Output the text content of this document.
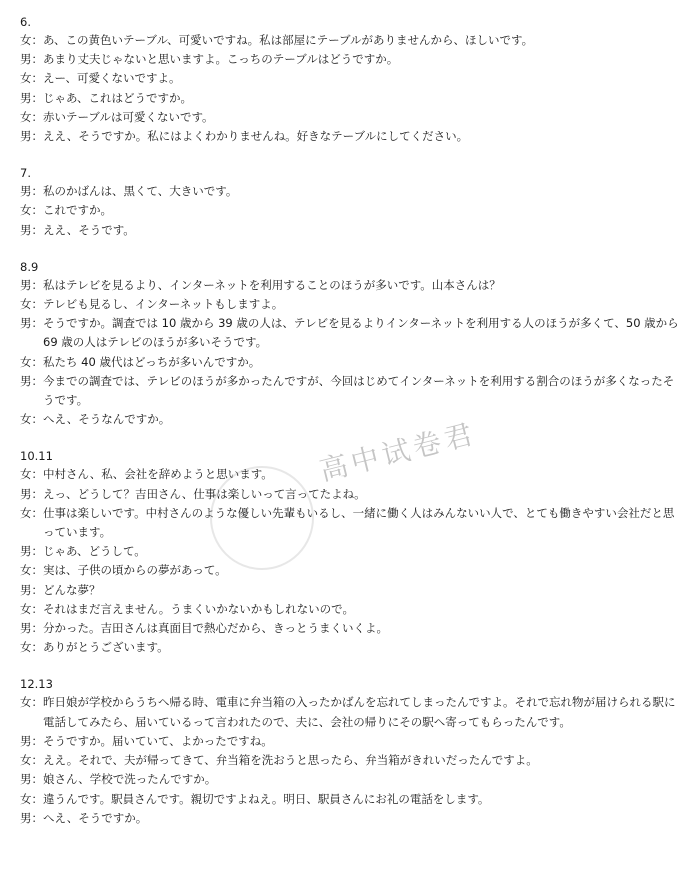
6.
女： あ、この黄色いテーブル、可愛いですね。私は部屋にテーブルがありませんから、ほしいです。
男： あまり丈夫じゃないと思いますよ。こっちのテーブルはどうですか。
女： えー、可愛くないですよ。
男： じゃあ、これはどうですか。
女： 赤いテーブルは可愛くないです。
男： ええ、そうですか。私にはよくわかりませんね。好きなテーブルにしてください。
7.
男： 私のかばんは、黒くて、大きいです。
女： これですか。
男： ええ、そうです。
8.9
男： 私はテレビを見るより、インターネットを利用することのほうが多いです。山本さんは？
女： テレビも見るし、インターネットもしますよ。
男： そうですか。調査では 10 歳から 39 歳の人は、テレビを見るよりインターネットを利用する人のほうが多くて、50 歳から 69 歳の人はテレビのほうが多いそうです。
女： 私たち 40 歳代はどっちが多いんですか。
男： 今までの調査では、テレビのほうが多かったんですが、今回はじめてインターネットを利用する割合のほうが多くなったそうです。
女： へえ、そうなんですか。
10.11
女： 中村さん、私、会社を辞めようと思います。
男： えっ、どうして？吉田さん、仕事は楽しいって言ってたよね。
女： 仕事は楽しいです。中村さんのような優しい先輩もいるし、一緒に働く人はみんないい人で、とても働きやすい会社だと思っています。
男： じゃあ、どうして。
女： 実は、子供の頃からの夢があって。
男： どんな夢？
女： それはまだ言えません。うまくいかないかもしれないので。
男： 分かった。吉田さんは真面目で熱心だから、きっとうまくいくよ。
女： ありがとうございます。
12.13
女： 昨日娘が学校からうちへ帰る時、電車に弁当箱の入ったかばんを忘れてしまったんですよ。それで忘れ物が届けられる駅に電話してみたら、届いているって言われたので、夫に、会社の帰りにその駅へ寄ってもらったんです。
男： そうですか。届いていて、よかったですね。
女： ええ。それで、夫が帰ってきて、弁当箱を洗おうと思ったら、弁当箱がきれいだったんですよ。
男： 娘さん、学校で洗ったんですか。
女： 違うんです。駅員さんです。親切ですよねえ。明日、駅員さんにお礼の電話をします。
男： へえ、そうですか。
高中试卷君
